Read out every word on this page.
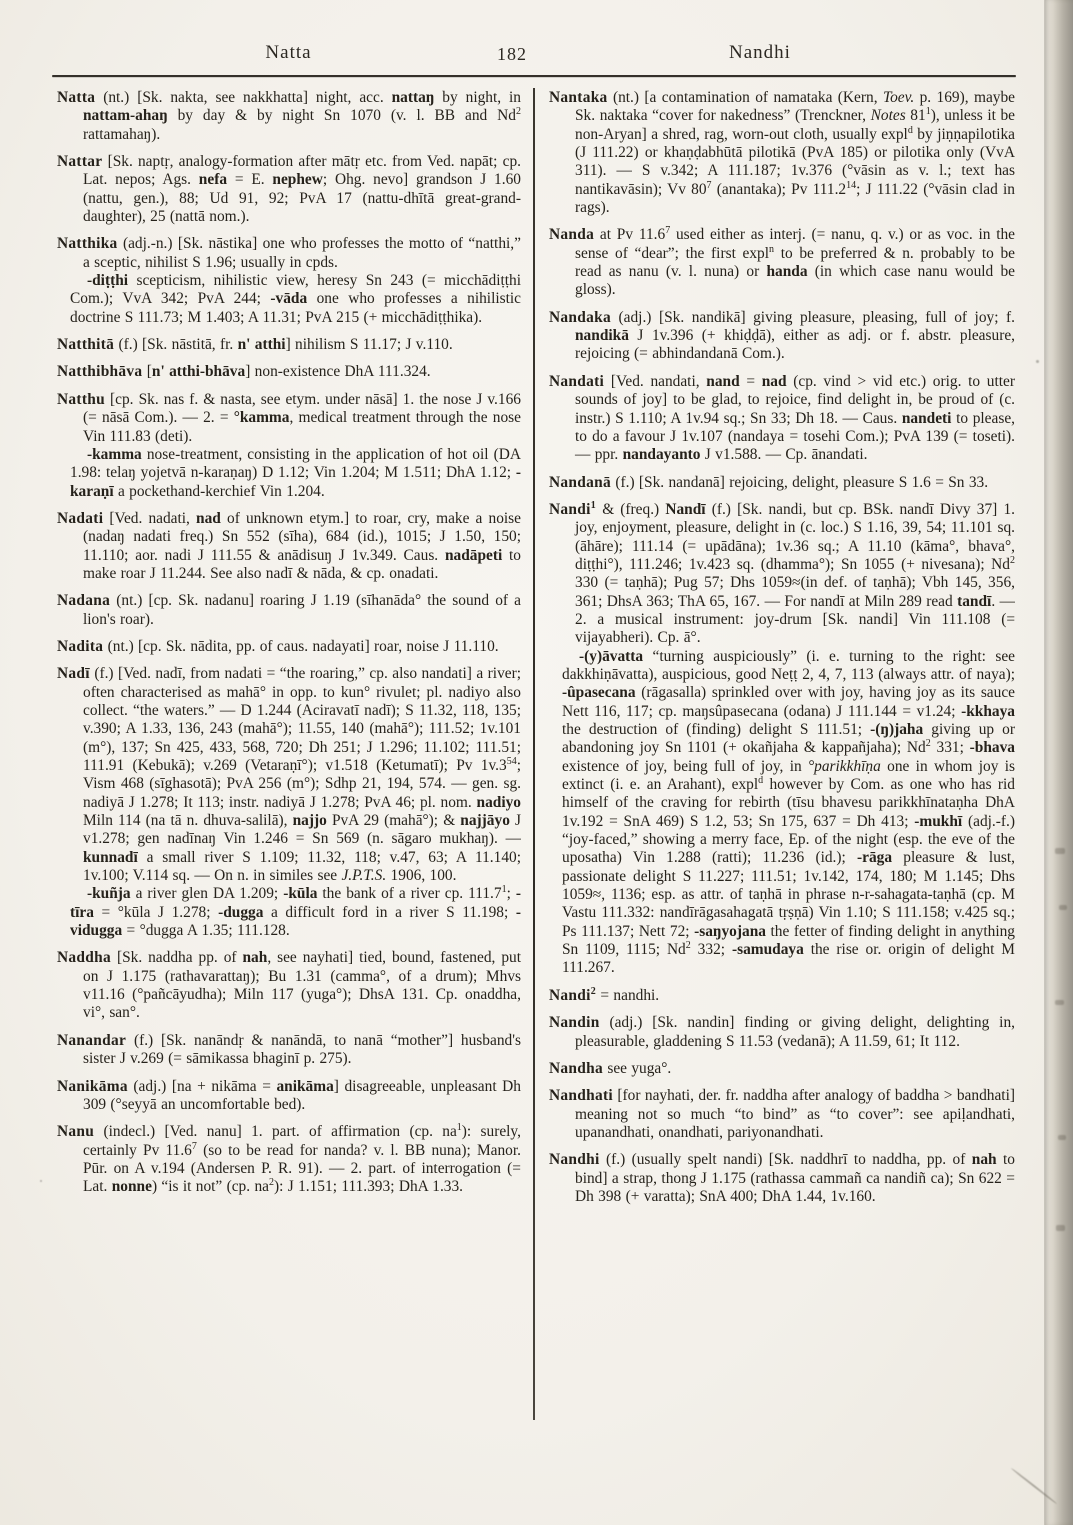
Natta	182	Nandhi

Natta (nt.) [Sk. nakta, see nakkhatta] night, acc. nattaŋ by night, in nattam-ahaŋ by day & by night Sn 1070 (v. l. BB and Nd$^2$ rattamahaŋ).

Nattar [Sk. naptṛ, analogy-formation after mātṛ etc. from Ved. napāt; cp. Lat. nepos; Ags. nefa = E. nephew; Ohg. nevo] grandson J 1.60 (nattu, gen.), 88; Ud 91, 92; PvA 17 (nattu-dhītā great-grand-daughter), 25 (nattā nom.).

Natthika (adj.-n.) [Sk. nāstika] one who professes the motto of “natthi,” a sceptic, nihilist S 1.96; usually in cpds.

-diṭṭhi scepticism, nihilistic view, heresy Sn 243 (= micchādiṭṭhi Com.); VvA 342; PvA 244; -vāda one who professes a nihilistic doctrine S 111.73; M 1.403; A 11.31; PvA 215 (+ micchādiṭṭhika).

Natthitā (f.) [Sk. nāstitā, fr. n' atthi] nihilism S 11.17; J v.110.

Natthibhāva [n' atthi-bhāva] non-existence DhA 111.324.

Natthu [cp. Sk. nas f. & nasta, see etym. under nāsā] 1. the nose J v.166 (= nāsā Com.). — 2. = °kamma, medical treatment through the nose Vin 111.83 (deti).

-kamma nose-treatment, consisting in the application of hot oil (DA 1.98: telaŋ yojetvā n-karaṇaŋ) D 1.12; Vin 1.204; M 1.511; DhA 1.12; -karaṇī a pockethand-kerchief Vin 1.204.

Nadati [Ved. nadati, nad of unknown etym.] to roar, cry, make a noise (nadaŋ nadati freq.) Sn 552 (sīha), 684 (id.), 1015; J 1.50, 150; 11.110; aor. nadi J 111.55 & anādisuŋ J 1v.349. Caus. nadāpeti to make roar J 11.244. See also nadī & nāda, & cp. onadati.

Nadana (nt.) [cp. Sk. nadanu] roaring J 1.19 (sīhanāda° the sound of a lion's roar).

Nadita (nt.) [cp. Sk. nādita, pp. of caus. nadayati] roar, noise J 11.110.

Nadī (f.) [Ved. nadī, from nadati = “the roaring,” cp. also nandati] a river; often characterised as mahā° in opp. to kun° rivulet; pl. nadiyo also collect. “the waters.” — D 1.244 (Aciravatī nadī); S 11.32, 118, 135; v.390; A 1.33, 136, 243 (mahā°); 11.55, 140 (mahā°); 111.52; 1v.101 (m°), 137; Sn 425, 433, 568, 720; Dh 251; J 1.296; 11.102; 111.51; 111.91 (Kebukā); v.269 (Vetaraṇī°); v1.518 (Ketumatī); Pv $1v.3^{54}$; Vism 468 (sīghasotā); PvA 256 (m°); Sdhp 21, 194, 574. — gen. sg. nadiyā J 1.278; It 113; instr. nadiyā J 1.278; PvA 46; pl. nom. nadiyo Miln 114 (na tā n. dhuva-salilā), najjo PvA 29 (mahā°); & najjāyo J v1.278; gen nadīnaŋ Vin 1.246 = Sn 569 (n. sāgaro mukhaŋ). — kunnadī a small river S 1.109; 11.32, 118; v.47, 63; A 11.140; 1v.100; V.114 sq. — On n. in similes see J.P.T.S. 1906, 100.

-kuñja a river glen DA 1.209; -kūla the bank of a river cp. 111.7$^1$; -tīra = °kūla J 1.278; -dugga a difficult ford in a river S 11.198; -vidugga = °dugga A 1.35; 111.128.

Naddha [Sk. naddha pp. of nah, see nayhati] tied, bound, fastened, put on J 1.175 (rathavarattaŋ); Bu 1.31 (camma°, of a drum); Mhvs v11.16 (°pañcāyudha); Miln 117 (yuga°); DhsA 131. Cp. onaddha, vi°, san°.

Nanandar (f.) [Sk. nanāndṛ & nanāndā, to nanā “mother”] husband's sister J v.269 (= sāmikassa bhaginī p. 275).

Nanikāma (adj.) [na + nikāma = anikāma] disagreeable, unpleasant Dh 309 (°seyyā an uncomfortable bed).

Nanu (indecl.) [Ved. nanu] 1. part. of affirmation (cp. $na^1$): surely, certainly Pv 11.6$^7$ (so to be read for nanda? v. l. BB nuna); Manor. Pūr. on A v.194 (Andersen P. R. 91). — 2. part. of interrogation (= Lat. nonne) “is it not” (cp. $na^2$): J 1.151; 111.393; DhA 1.33.

Nantaka (nt.) [a contamination of namataka (Kern, Toev. p. 169), maybe Sk. naktaka “cover for nakedness” (Trenckner, Notes $81^1$), unless it be non-Aryan] a shred, rag, worn-out cloth, usually expl$^d$ by jiṇṇapilotika (J 111.22) or khaṇḍabhūtā pilotikā (PvA 185) or pilotika only (VvA 311). — S v.342; A 111.187; 1v.376 (°vāsin as v. l.; text has nantikavāsin); Vv $80^7$ (anantaka); Pv 111.2$^{14}$; J 111.22 (°vāsin clad in rags).

Nanda at Pv 11.6$^7$ used either as interj. (= nanu, q. v.) or as voc. in the sense of “dear”; the first expl$^n$ to be preferred & n. probably to be read as nanu (v. l. nuna) or handa (in which case nanu would be gloss).

Nandaka (adj.) [Sk. nandikā] giving pleasure, pleasing, full of joy; f. nandikā J 1v.396 (+ khiḍḍā), either as adj. or f. abstr. pleasure, rejoicing (= abhindandanā Com.).

Nandati [Ved. nandati, nand = nad (cp. vind > vid etc.) orig. to utter sounds of joy] to be glad, to rejoice, find delight in, be proud of (c. instr.) S 1.110; A 1v.94 sq.; Sn 33; Dh 18. — Caus. nandeti to please, to do a favour J 1v.107 (nandaya = tosehi Com.); PvA 139 (= toseti). — ppr. nandayanto J v1.588. — Cp. ānandati.

Nandanā (f.) [Sk. nandanā] rejoicing, delight, pleasure S 1.6 = Sn 33.

Nandi$^1$ & (freq.) Nandī (f.) [Sk. nandi, but cp. BSk. nandī Divy 37] 1. joy, enjoyment, pleasure, delight in (c. loc.) S 1.16, 39, 54; 11.101 sq. (āhāre); 111.14 (= upādāna); 1v.36 sq.; A 11.10 (kāma°, bhava°, diṭṭhi°), 111.246; 1v.423 sq. (dhamma°); Sn 1055 (+ nivesana); Nd$^2$ 330 (= taṇhā); Pug 57; Dhs 1059≈(in def. of taṇhā); Vbh 145, 356, 361; DhsA 363; ThA 65, 167. — For nandī at Miln 289 read tandī. — 2. a musical instrument: joy-drum [Sk. nandi] Vin 111.108 (= vijayabheri). Cp. ā°.

-(y)āvatta “turning auspiciously” (i. e. turning to the right: see dakkhiṇāvatta), auspicious, good Neṭṭ 2, 4, 7, 113 (always attr. of naya); -ûpasecana (rāgasalla) sprinkled over with joy, having joy as its sauce Nett 116, 117; cp. maŋsûpasecana (odana) J 111.144 = v1.24; -kkhaya the destruction of (finding) delight S 111.51; -(ŋ)jaha giving up or abandoning joy Sn 1101 (+ okañjaha & kappañjaha); Nd$^2$ 331; -bhava existence of joy, being full of joy, in °parikkhīṇa one in whom joy is extinct (i. e. an Arahant), expl$^d$ however by Com. as one who has rid himself of the craving for rebirth (tīsu bhavesu parikkhīnataṇha DhA 1v.192 = SnA 469) S 1.2, 53; Sn 175, 637 = Dh 413; -mukhī (adj.-f.) “joy-faced,” showing a merry face, Ep. of the night (esp. the eve of the uposatha) Vin 1.288 (ratti); 11.236 (id.); -rāga pleasure & lust, passionate delight S 11.227; 111.51; 1v.142, 174, 180; M 1.145; Dhs 1059≈, 1136; esp. as attr. of taṇhā in phrase n-r-sahagata-taṇhā (cp. M Vastu 111.332: nandīrāgasahagatā tṛṣṇā) Vin 1.10; S 111.158; v.425 sq.; Ps 111.137; Nett 72; -saŋyojana the fetter of finding delight in anything Sn 1109, 1115; Nd$^2$ 332; -samudaya the rise or. origin of delight M 111.267.

Nandi$^2$ = nandhi.

Nandin (adj.) [Sk. nandin] finding or giving delight, delighting in, pleasurable, gladdening S 11.53 (vedanā); A 11.59, 61; It 112.

Nandha see yuga°.

Nandhati [for nayhati, der. fr. naddha after analogy of baddha > bandhati] meaning not so much “to bind” as “to cover”: see apiḷandhati, upanandhati, onandhati, pariyonandhati.

Nandhi (f.) (usually spelt nandi) [Sk. naddhrī to naddha, pp. of nah to bind] a strap, thong J 1.175 (rathassa cammañ ca nandiñ ca); Sn 622 = Dh 398 (+ varatta); SnA 400; DhA 1.44, 1v.160.
